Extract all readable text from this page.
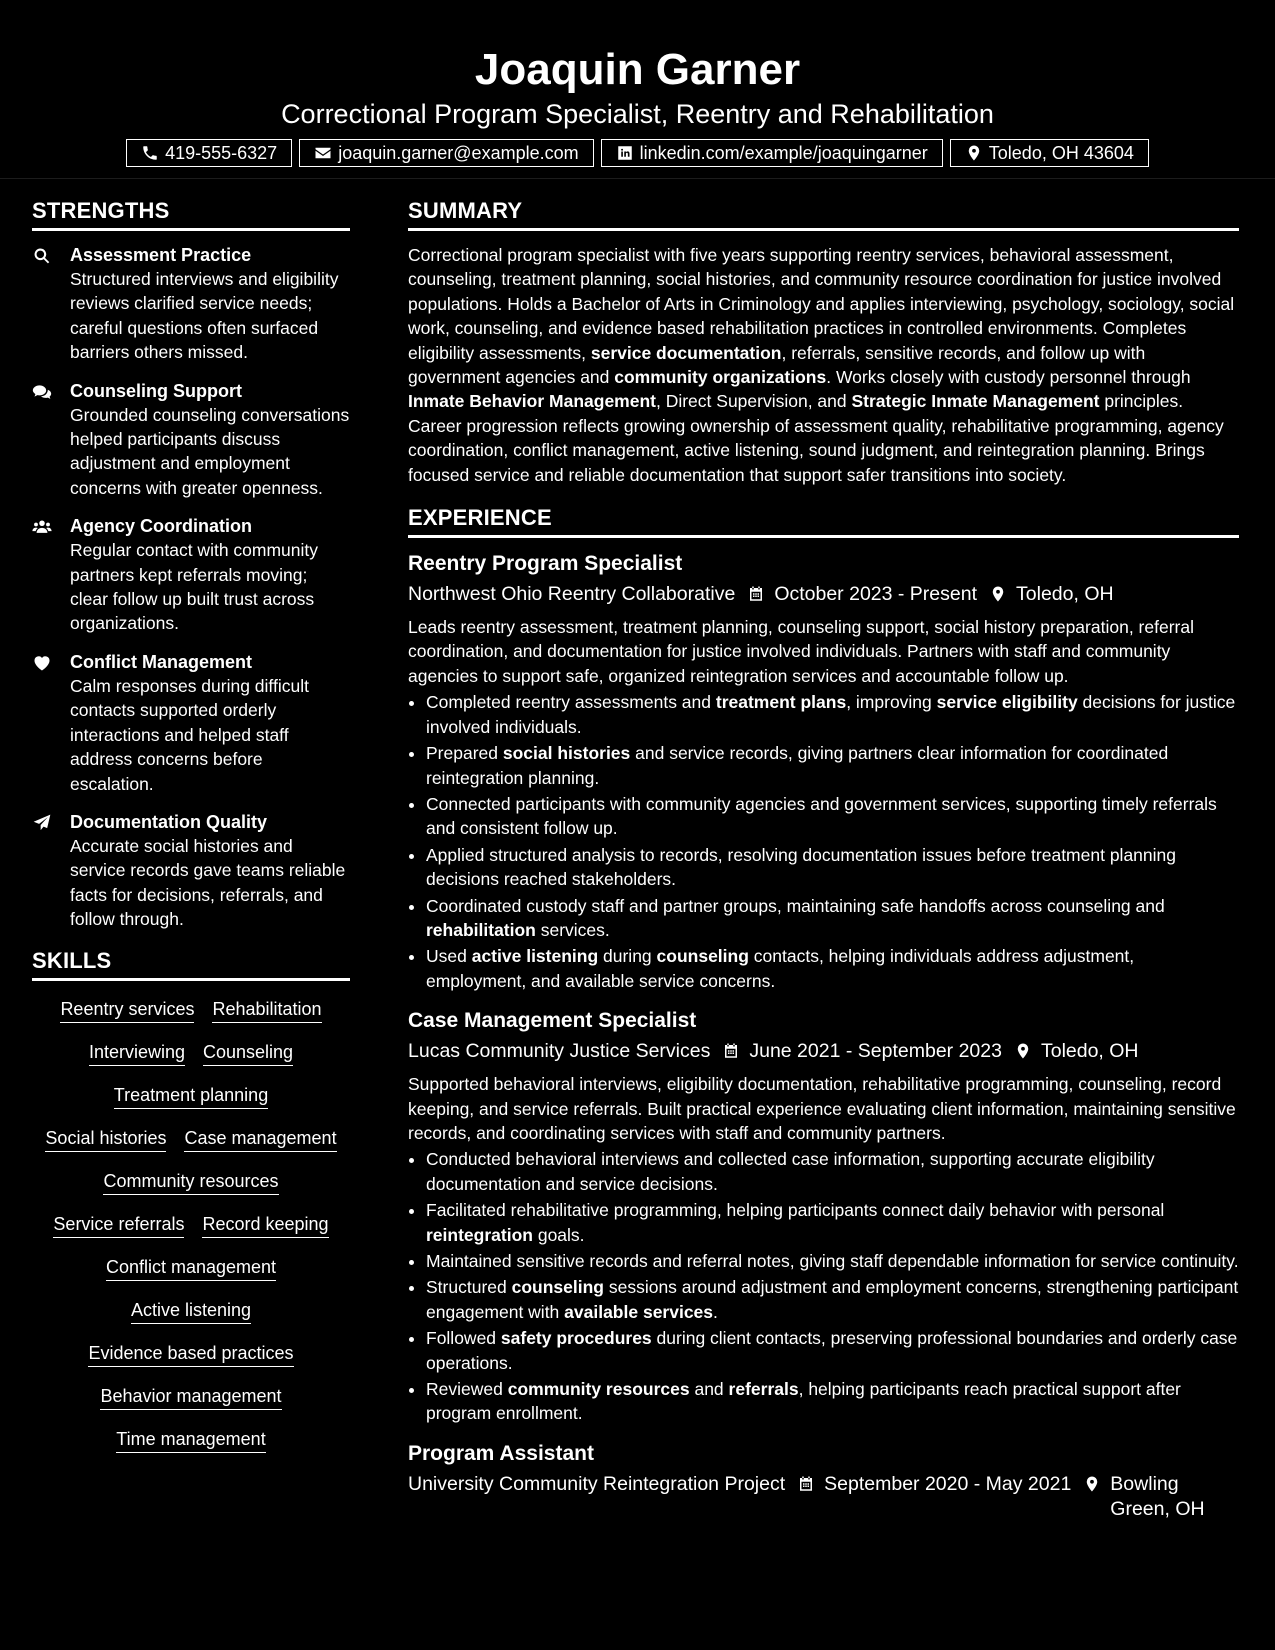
Joaquin Garner

Correctional Program Specialist, Reentry and Rehabilitation

419-555-6327	joaquin.garner@example.com	linkedin.com/example/joaquingarner	Toledo, OH 43604
STRENGTHS
Assessment Practice
Structured interviews and eligibility reviews clarified service needs; careful questions often surfaced barriers others missed.
Counseling Support
Grounded counseling conversations helped participants discuss adjustment and employment concerns with greater openness.
Agency Coordination
Regular contact with community partners kept referrals moving; clear follow up built trust across organizations.
Conflict Management
Calm responses during difficult contacts supported orderly interactions and helped staff address concerns before escalation.
Documentation Quality
Accurate social histories and service records gave teams reliable facts for decisions, referrals, and follow through.
SKILLS
Reentry services Rehabilitation
Interviewing Counseling
Treatment planning
Social histories Case management
Community resources
Service referrals Record keeping
Conflict management
Active listening
Evidence based practices
Behavior management
Time management
SUMMARY

Correctional program specialist with five years supporting reentry services, behavioral assessment, counseling, treatment planning, social histories, and community resource coordination for justice involved populations. Holds a Bachelor of Arts in Criminology and applies interviewing, psychology, sociology, social work, counseling, and evidence based rehabilitation practices in controlled environments. Completes eligibility assessments, service documentation, referrals, sensitive records, and follow up with government agencies and community organizations. Works closely with custody personnel through Inmate Behavior Management, Direct Supervision, and Strategic Inmate Management principles. Career progression reflects growing ownership of assessment quality, rehabilitative programming, agency coordination, conflict management, active listening, sound judgment, and reintegration planning. Brings focused service and reliable documentation that support safer transitions into society.

EXPERIENCE
Reentry Program Specialist
Northwest Ohio Reentry Collaborative October 2023 - Present Toledo, OH

Leads reentry assessment, treatment planning, counseling support, social history preparation, referral coordination, and documentation for justice involved individuals. Partners with staff and community agencies to support safe, organized reintegration services and accountable follow up.

• Completed reentry assessments and treatment plans, improving service eligibility decisions for justice involved individuals.
• Prepared social histories and service records, giving partners clear information for coordinated reintegration planning.
• Connected participants with community agencies and government services, supporting timely referrals and consistent follow up.
• Applied structured analysis to records, resolving documentation issues before treatment planning decisions reached stakeholders.
• Coordinated custody staff and partner groups, maintaining safe handoffs across counseling and rehabilitation services.
• Used active listening during counseling contacts, helping individuals address adjustment, employment, and available service concerns.
Case Management Specialist
Lucas Community Justice Services June 2021 - September 2023 Toledo, OH

Supported behavioral interviews, eligibility documentation, rehabilitative programming, counseling, record keeping, and service referrals. Built practical experience evaluating client information, maintaining sensitive records, and coordinating services with staff and community partners.

• Conducted behavioral interviews and collected case information, supporting accurate eligibility documentation and service decisions.
• Facilitated rehabilitative programming, helping participants connect daily behavior with personal reintegration goals.
• Maintained sensitive records and referral notes, giving staff dependable information for service continuity.
• Structured counseling sessions around adjustment and employment concerns, strengthening participant engagement with available services.
• Followed safety procedures during client contacts, preserving professional boundaries and orderly case operations.
• Reviewed community resources and referrals, helping participants reach practical support after program enrollment.
Program Assistant
University Community Reintegration Project September 2020 - May 2021 Bowling Green, OH
